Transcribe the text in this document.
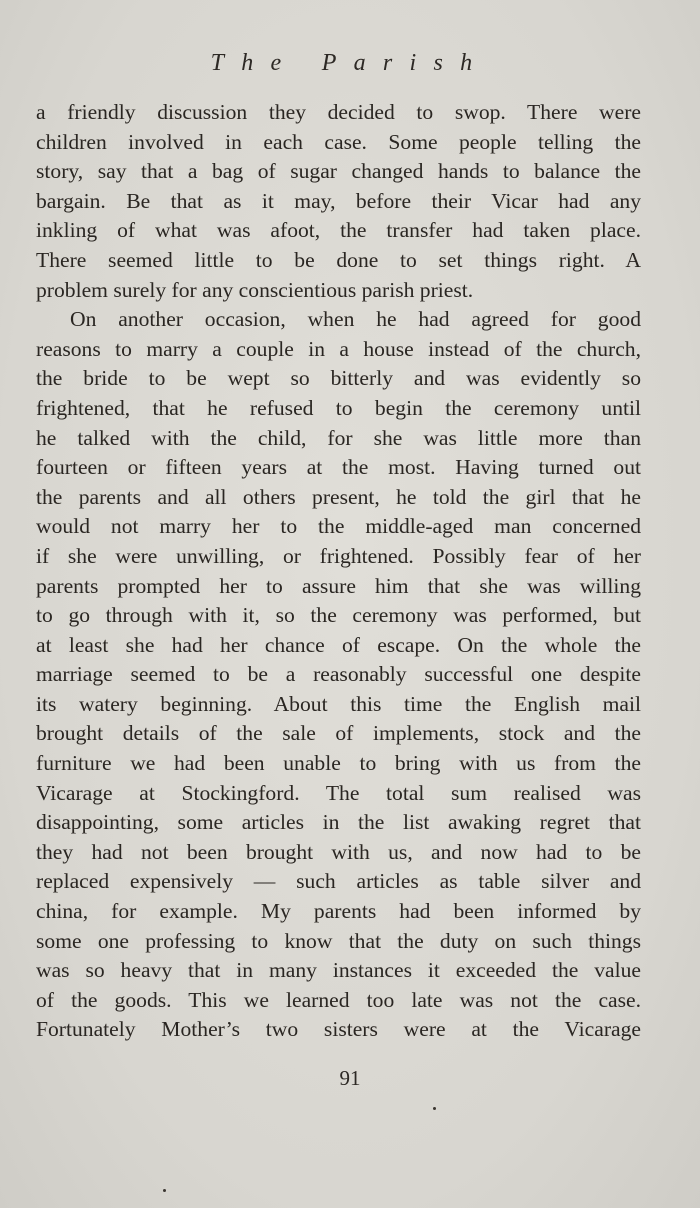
The Parish
a friendly discussion they decided to swop. There were
children involved in each case. Some people telling the
story, say that a bag of sugar changed hands to balance the
bargain. Be that as it may, before their Vicar had any
inkling of what was afoot, the transfer had taken place.
There seemed little to be done to set things right. A
problem surely for any conscientious parish priest.
On another occasion, when he had agreed for good
reasons to marry a couple in a house instead of the church,
the bride to be wept so bitterly and was evidently so
frightened, that he refused to begin the ceremony until
he talked with the child, for she was little more than
fourteen or fifteen years at the most. Having turned out
the parents and all others present, he told the girl that he
would not marry her to the middle-aged man concerned
if she were unwilling, or frightened. Possibly fear of her
parents prompted her to assure him that she was willing
to go through with it, so the ceremony was performed, but
at least she had her chance of escape. On the whole the
marriage seemed to be a reasonably successful one despite
its watery beginning. About this time the English mail
brought details of the sale of implements, stock and the
furniture we had been unable to bring with us from the
Vicarage at Stockingford. The total sum realised was
disappointing, some articles in the list awaking regret that
they had not been brought with us, and now had to be
replaced expensively — such articles as table silver and
china, for example. My parents had been informed by
some one professing to know that the duty on such things
was so heavy that in many instances it exceeded the value
of the goods. This we learned too late was not the case.
Fortunately Mother’s two sisters were at the Vicarage
91
